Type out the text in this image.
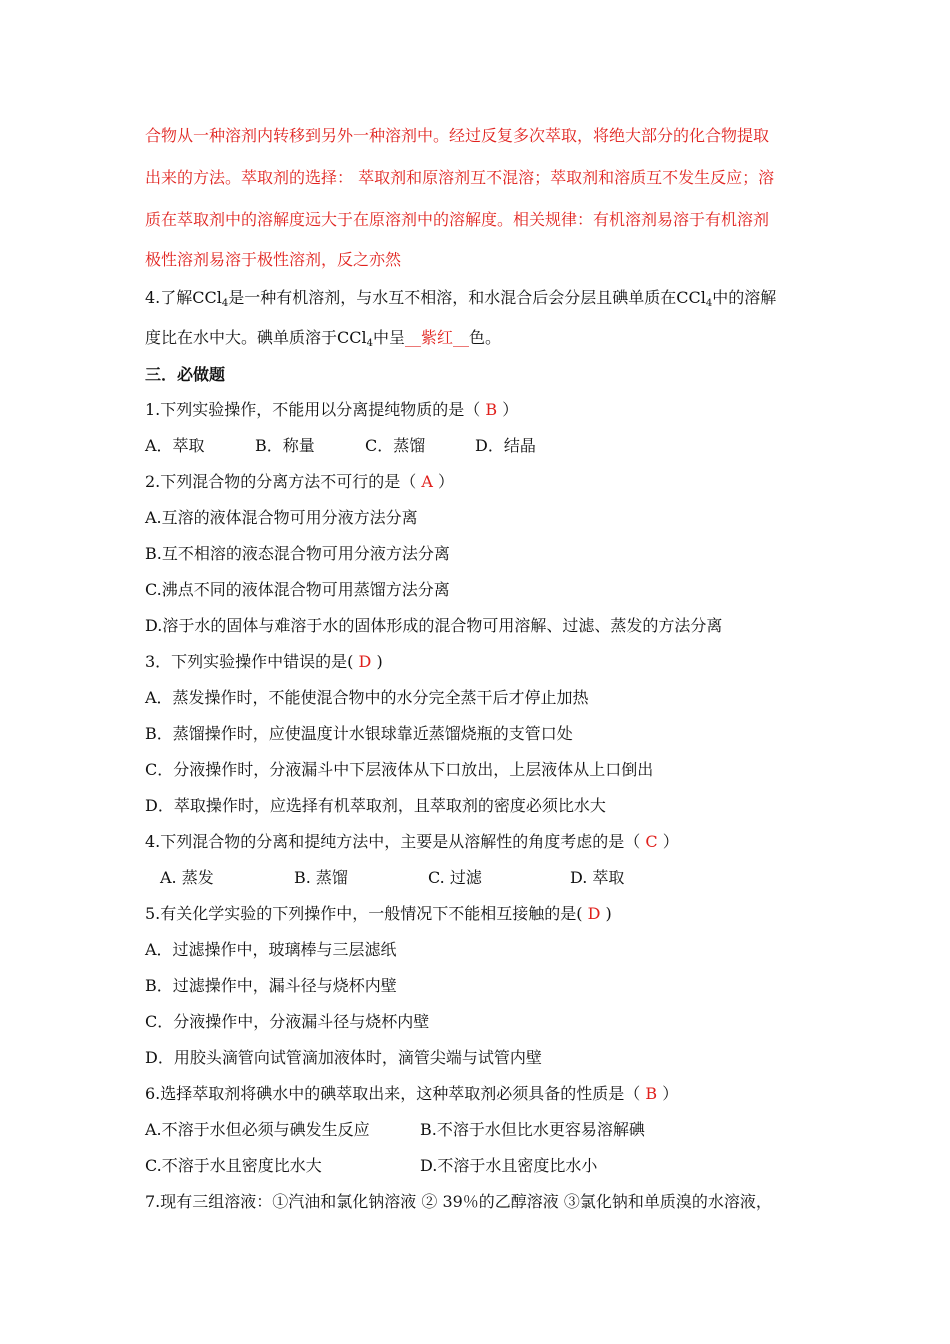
合物从一种溶剂内转移到另外一种溶剂中。经过反复多次萃取，将绝大部分的化合物提取
出来的方法。萃取剂的选择： 萃取剂和原溶剂互不混溶；萃取剂和溶质互不发生反应；溶
质在萃取剂中的溶解度远大于在原溶剂中的溶解度。相关规律：有机溶剂易溶于有机溶剂
极性溶剂易溶于极性溶剂，反之亦然
4.了解CCl$_4$是一种有机溶剂，与水互不相溶，和水混合后会分层且碘单质在CCl$_4$中的溶解
度比在水中大。碘单质溶于CCl$_4$中呈__紫红__色。
三．必做题
1.下列实验操作，不能用以分离提纯物质的是（ B ）
A．萃取	B．称量	C．蒸馏	D．结晶
2.下列混合物的分离方法不可行的是（ A ）
A.互溶的液体混合物可用分液方法分离
B.互不相溶的液态混合物可用分液方法分离
C.沸点不同的液体混合物可用蒸馏方法分离
D.溶于水的固体与难溶于水的固体形成的混合物可用溶解、过滤、蒸发的方法分离
3．下列实验操作中错误的是( D )
A．蒸发操作时，不能使混合物中的水分完全蒸干后才停止加热
B．蒸馏操作时，应使温度计水银球靠近蒸馏烧瓶的支管口处
C．分液操作时，分液漏斗中下层液体从下口放出，上层液体从上口倒出
D．萃取操作时，应选择有机萃取剂，且萃取剂的密度必须比水大
4.下列混合物的分离和提纯方法中，主要是从溶解性的角度考虑的是（ C ）
A. 蒸发	B. 蒸馏	C. 过滤	D. 萃取
5.有关化学实验的下列操作中，一般情况下不能相互接触的是( D )
A．过滤操作中，玻璃棒与三层滤纸
B．过滤操作中，漏斗径与烧杯内壁
C．分液操作中，分液漏斗径与烧杯内壁
D．用胶头滴管向试管滴加液体时，滴管尖端与试管内壁
6.选择萃取剂将碘水中的碘萃取出来，这种萃取剂必须具备的性质是（ B ）
A.不溶于水但必须与碘发生反应	B.不溶于水但比水更容易溶解碘
C.不溶于水且密度比水大	D.不溶于水且密度比水小
7.现有三组溶液：①汽油和氯化钠溶液 ② 39％的乙醇溶液 ③氯化钠和单质溴的水溶液，
